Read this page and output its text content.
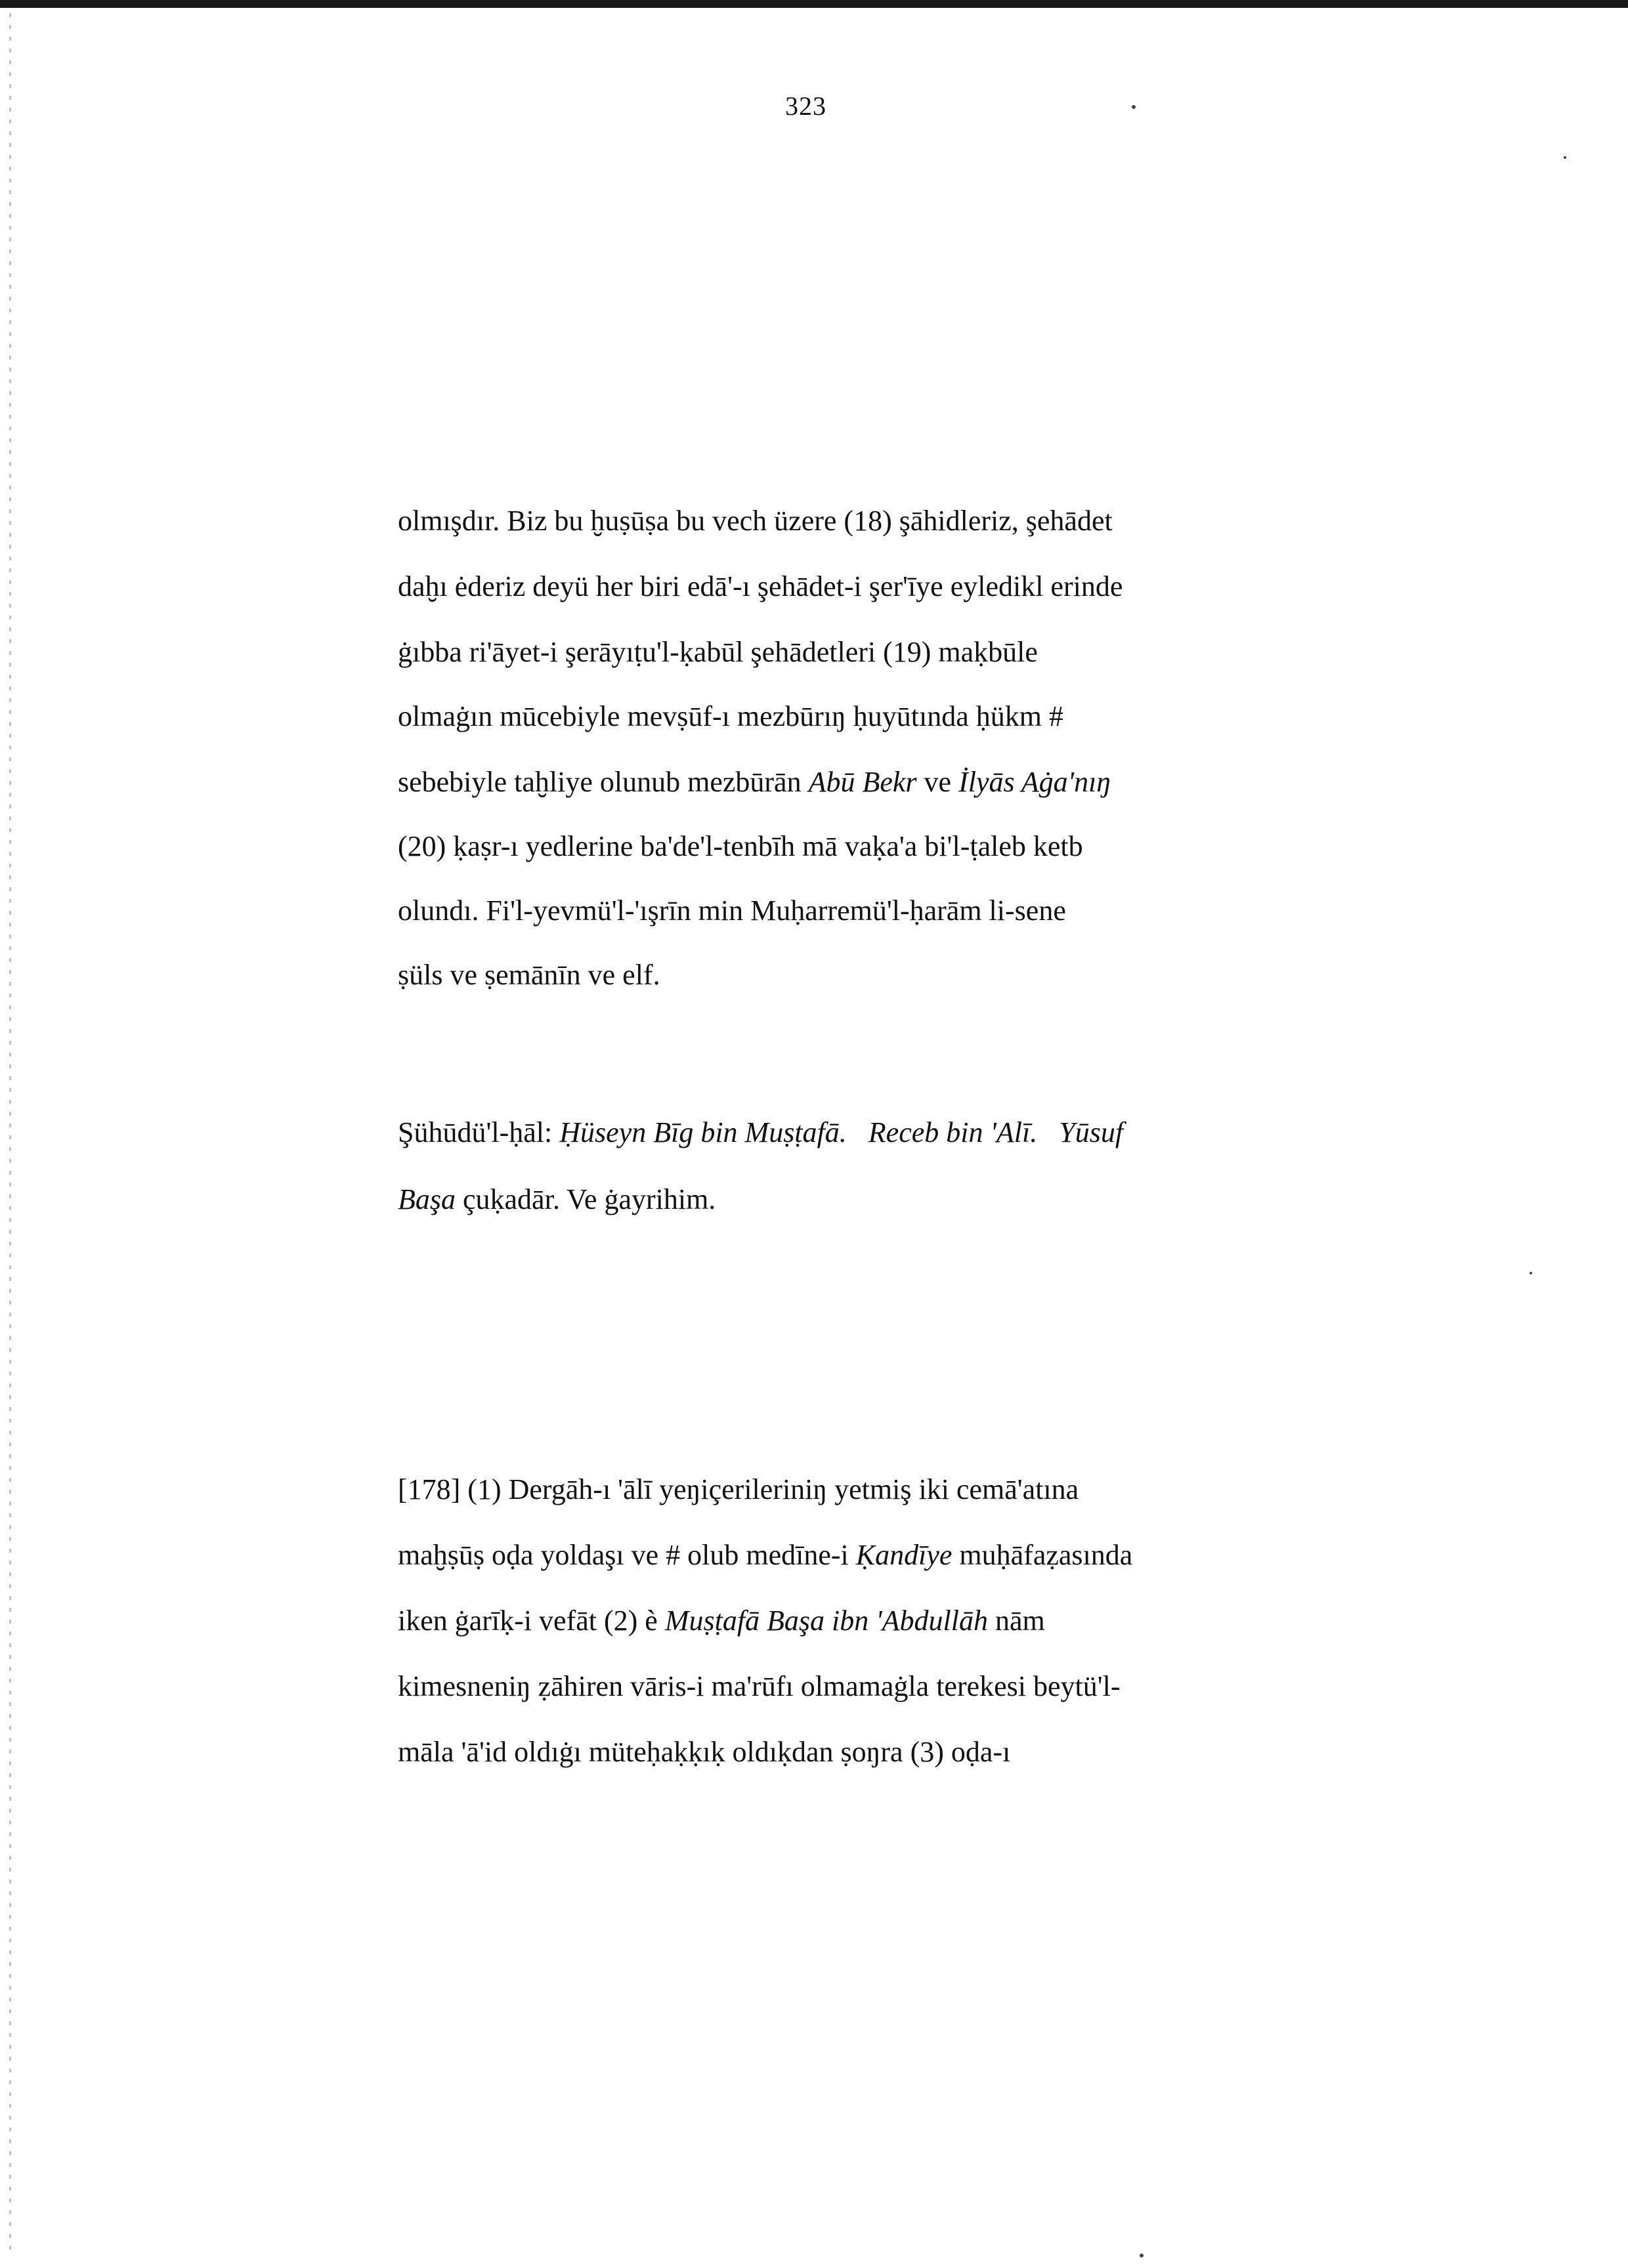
323
olmışdır. Biz bu ḫuṣūṣa bu vech üzere (18) şāhidleriz, şehādet
daḫı ėderiz deyü her biri edā'-ı şehādet-i şer'īye eyledikl erinde
ġıbba ri'āyet-i şerāyıṭu'l-ḳabūl şehādetleri (19) maḳbūle
olmaġın mūcebiyle mevṣūf-ı mezbūrıŋ ḥuyūtında ḥükm #
sebebiyle taḫliye olunub mezbūrān Abū Bekr ve İlyās Aġa'nıŋ
(20) ḳaṣr-ı yedlerine ba'de'l-tenbīh mā vaḳa'a bi'l-ṭaleb ketb
olundı. Fi'l-yevmü'l-'ışrīn min Muḥarremü'l-ḥarām li-sene
ṣüls ve ṣemānīn ve elf.
Şühūdü'l-ḥāl: Ḥüseyn Bīg bin Muṣṭafā. Receb bin 'Alī. Yūsuf
Başa çuḳadār. Ve ġayrihim.
[178] (1) Dergāh-ı 'ālī yeŋiçerileriniŋ yetmiş iki cemā'atına
maḫṣūṣ oḍa yoldaşı ve # olub medīne-i Ḳandīye muḥāfaẓasında
iken ġarīḳ-i vefāt (2) è Muṣṭafā Başa ibn 'Abdullāh nām
kimesneniŋ ẓāhiren vāris-i ma'rūfı olmamaġla terekesi beytü'l-
māla 'ā'id oldıġı müteḥaḳḳıḳ oldıḳdan ṣoŋra (3) oḍa-ı
